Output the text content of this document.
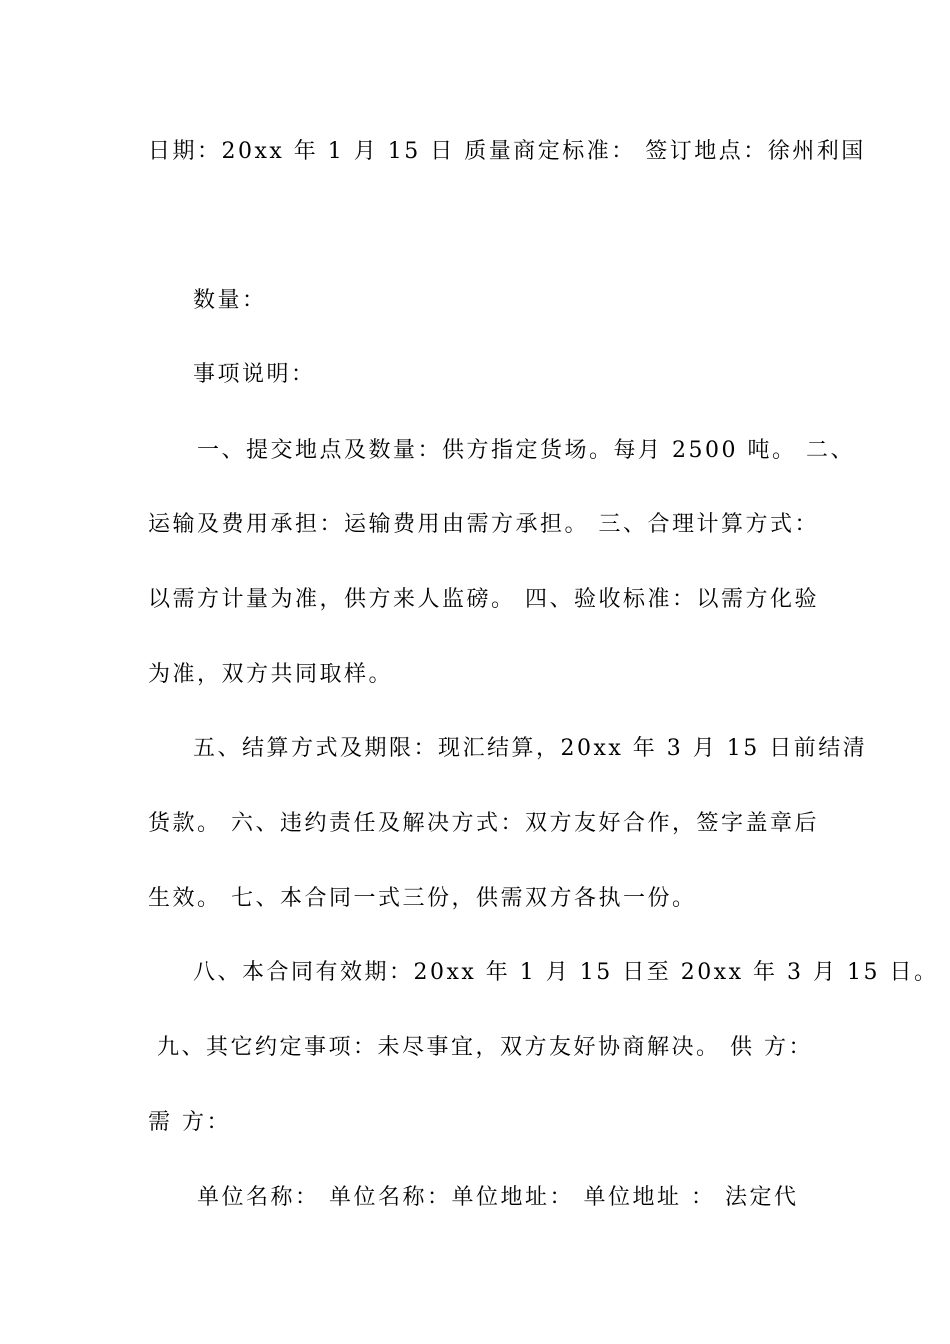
日期：20xx 年 1 月 15 日 质量商定标准： 签订地点：徐州利国

数量：

事项说明：

一、提交地点及数量：供方指定货场。每月 2500 吨。 二、

运输及费用承担：运输费用由需方承担。 三、合理计算方式：

以需方计量为准，供方来人监磅。 四、验收标准：以需方化验

为准，双方共同取样。

五、结算方式及期限：现汇结算，20xx 年 3 月 15 日前结清

货款。 六、违约责任及解决方式：双方友好合作，签字盖章后

生效。 七、本合同一式三份，供需双方各执一份。

八、本合同有效期：20xx 年 1 月 15 日至 20xx 年 3 月 15 日。

九、其它约定事项：未尽事宜，双方友好协商解决。 供 方：

需 方：

单位名称： 单位名称：单位地址： 单位地址 ： 法定代
